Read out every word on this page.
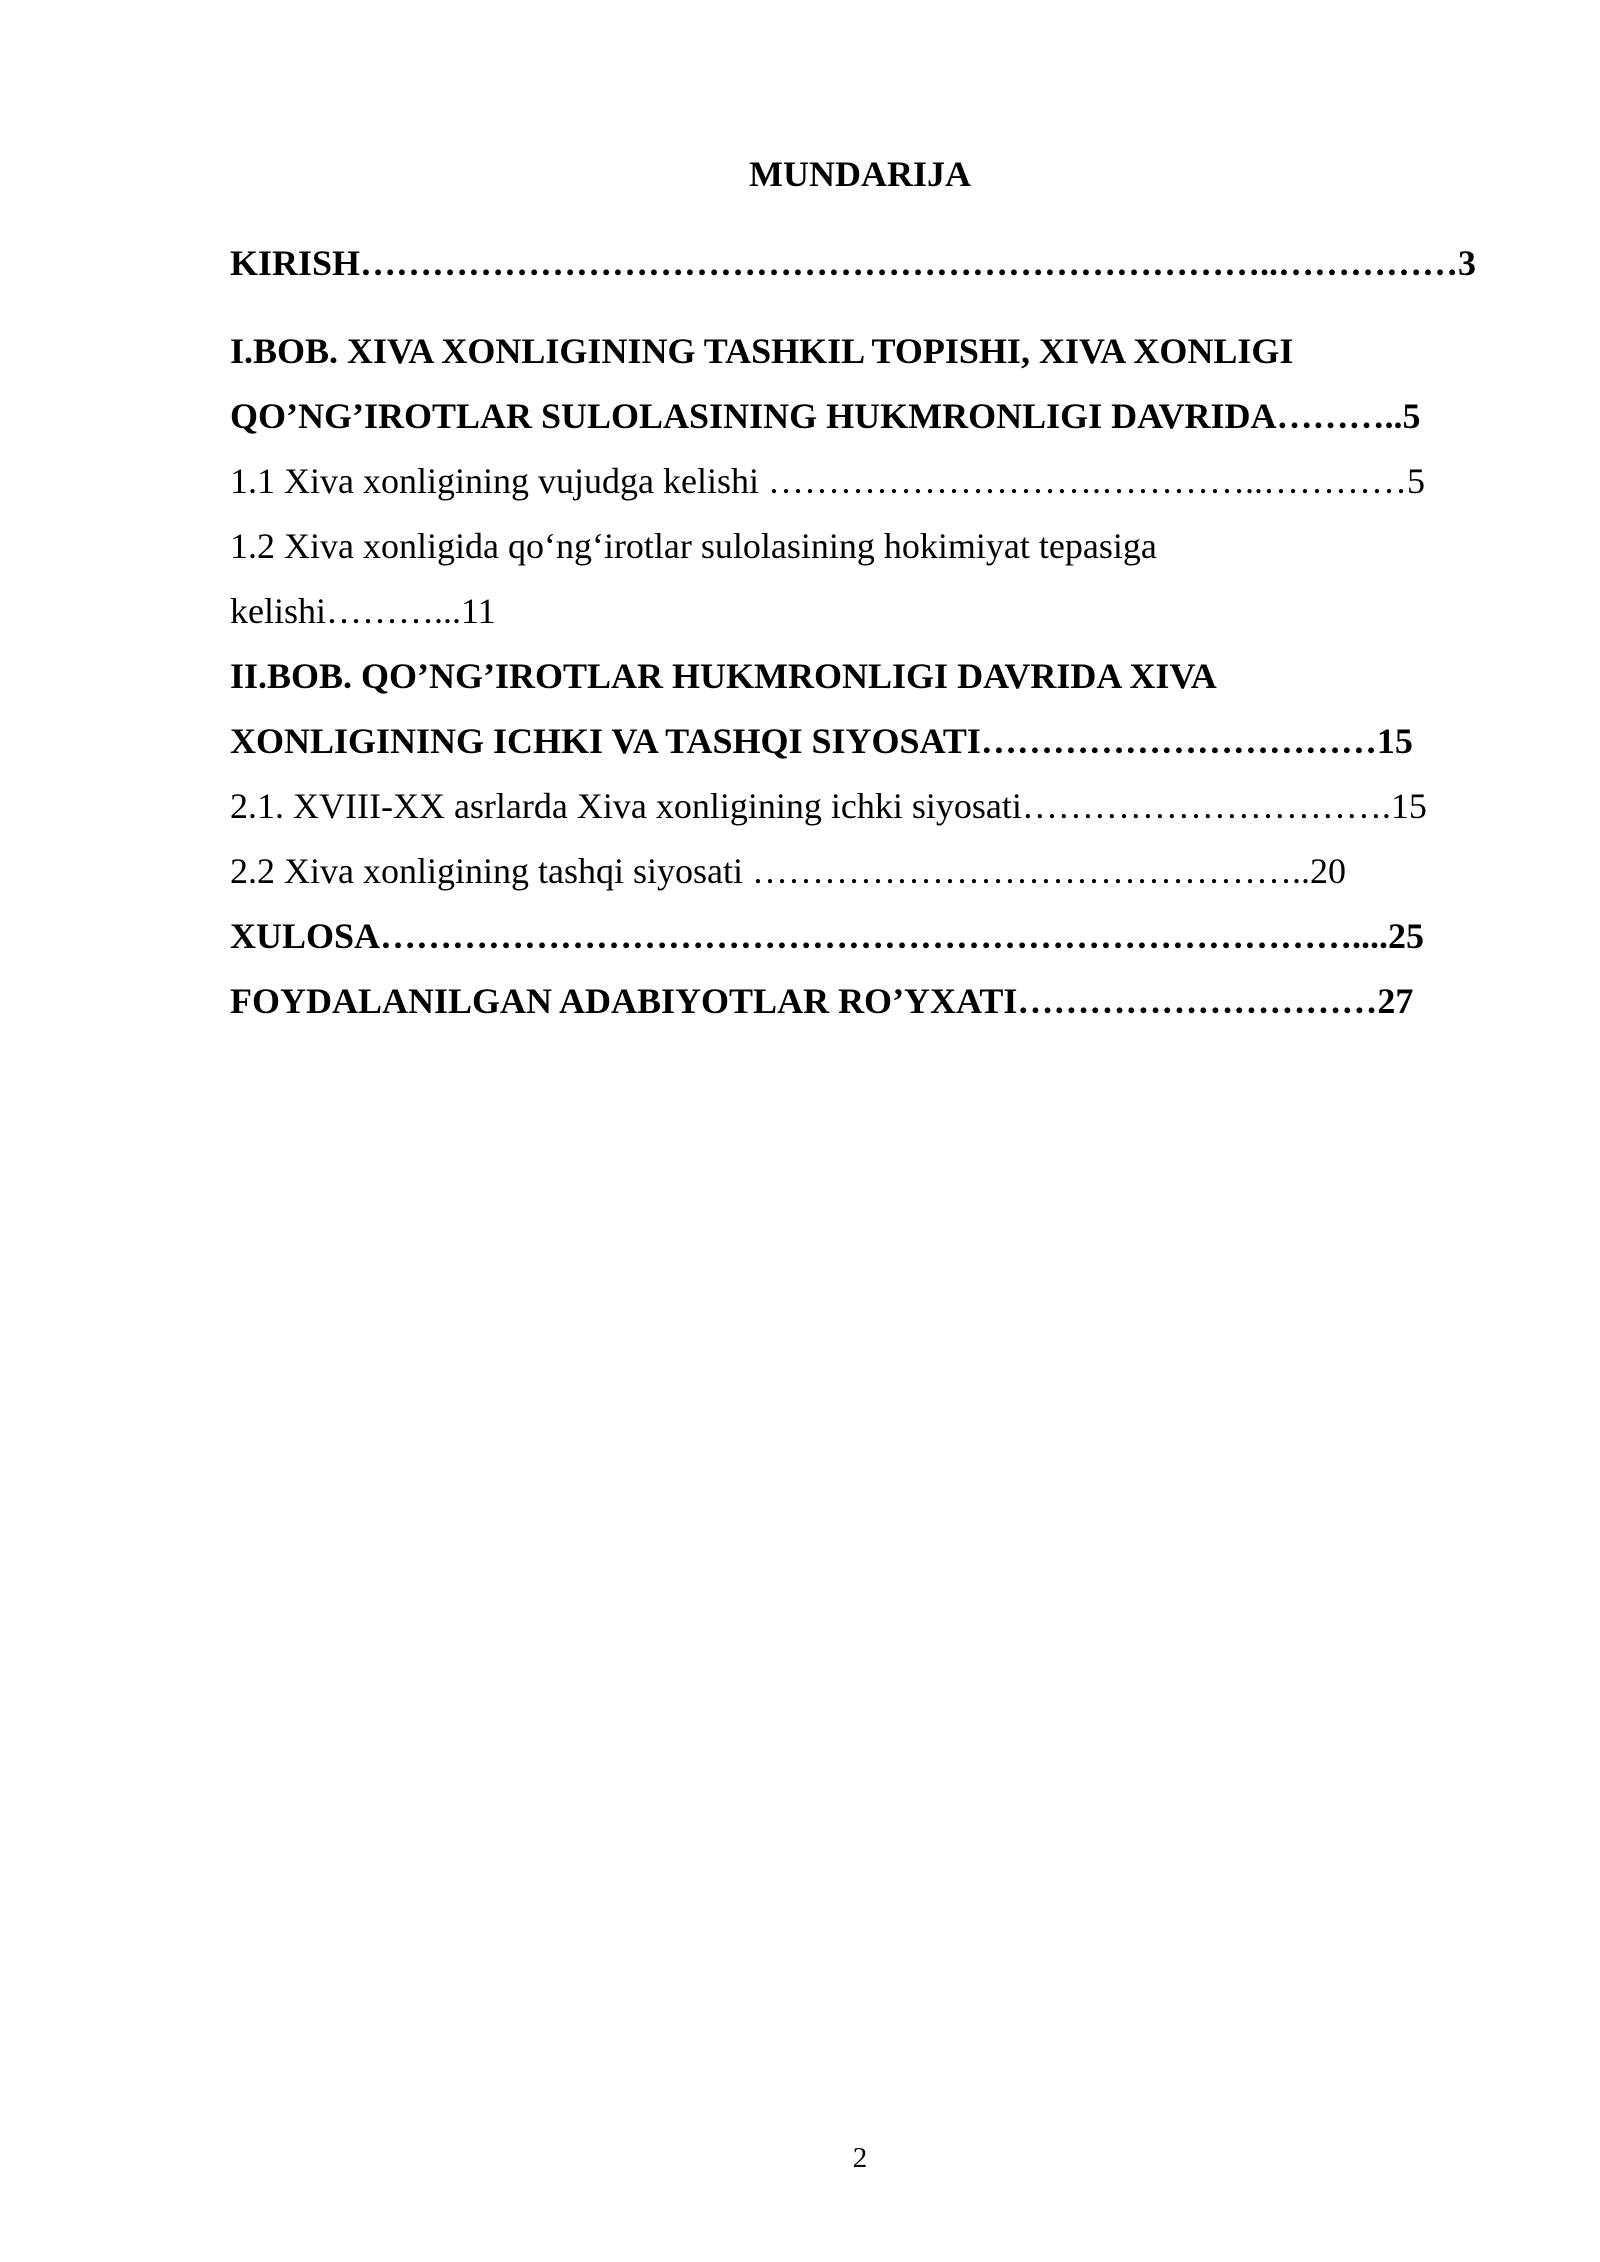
MUNDARIJA
KIRISH…………………………………………………………………..……………3
I.BOB. XIVA XONLIGINING TASHKIL TOPISHI, XIVA XONLIGI
QO’NG’IROTLAR SULOLASINING HUKMRONLIGI DAVRIDA………..5
1.1 Xiva xonligining vujudga kelishi ……………………….…………..…………5
1.2 Xiva xonligida qo‘ng‘irotlar sulolasining hokimiyat tepasiga
kelishi………...11
II.BOB. QO’NG’IROTLAR HUKMRONLIGI DAVRIDA XIVA
XONLIGINING ICHKI VA TASHQI SIYOSATI……………………………15
2.1. XVIII-XX asrlarda Xiva xonligining ichki siyosati………………………….15
2.2 Xiva xonligining tashqi siyosati ………………………………………..20
XULOSA………………………………………………………………………....25
FOYDALANILGAN ADABIYOTLAR RO’YXATI…………………………27
2
